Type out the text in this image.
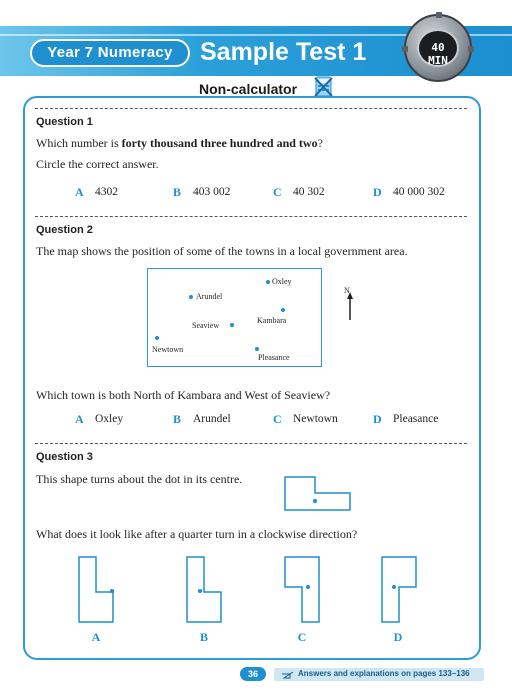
Year 7 Numeracy	Sample Test 1	40 MIN
Non-calculator
Question 1
Which number is forty thousand three hundred and two?
Circle the correct answer.
A 4302	B 403 002	C 40 302	D 40 000 302
Question 2
The map shows the position of some of the towns in a local government area.
Oxley
Arundel
Kambara
Seaview
Newtown
Pleasance
N
Which town is both North of Kambara and West of Seaview?
A Oxley	B Arundel	C Newtown	D Pleasance
Question 3
This shape turns about the dot in its centre.
What does it look like after a quarter turn in a clockwise direction?
A	B	C	D
36	Answers and explanations on pages 133–136
